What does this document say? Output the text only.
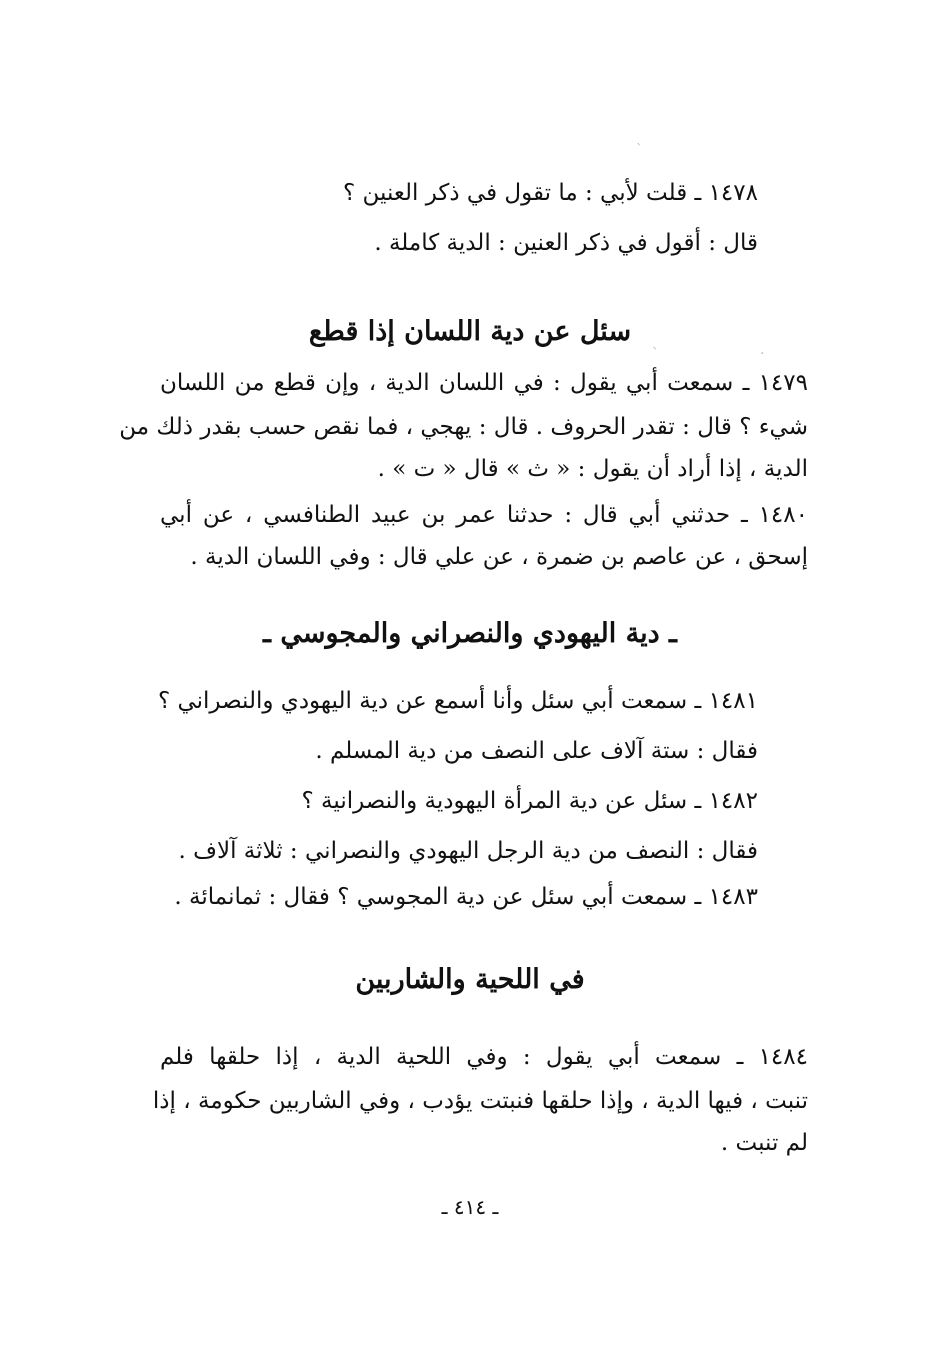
ˋ
ˋ	·
١٤٧٨ ـ قلت لأبي : ما تقول في ذكر العنين ؟
قال : أقول في ذكر العنين : الدية كاملة .
سئل عن دية اللسان إذا قطع
١٤٧٩ ـ سمعت أبي يقول : في اللسان الدية ، وإن قطع من اللسان
شيء ؟ قال : تقدر الحروف . قال : يهجي ، فما نقص حسب بقدر ذلك من
الدية ، إذا أراد أن يقول : « ث » قال « ت » .
١٤٨٠ ـ حدثني أبي قال : حدثنا عمر بن عبيد الطنافسي ، عن أبي
إسحق ، عن عاصم بن ضمرة ، عن علي قال : وفي اللسان الدية .
ـ دية اليهودي والنصراني والمجوسي ـ
١٤٨١ ـ سمعت أبي سئل وأنا أسمع عن دية اليهودي والنصراني ؟
فقال : ستة آلاف على النصف من دية المسلم .
١٤٨٢ ـ سئل عن دية المرأة اليهودية والنصرانية ؟
فقال : النصف من دية الرجل اليهودي والنصراني : ثلاثة آلاف .
١٤٨٣ ـ سمعت أبي سئل عن دية المجوسي ؟ فقال : ثمانمائة .
في اللحية والشاربين
١٤٨٤ ـ سمعت أبي يقول : وفي اللحية الدية ، إذا حلقها فلم
تنبت ، فيها الدية ، وإذا حلقها فنبتت يؤدب ، وفي الشاربين حكومة ، إذا
لم تنبت .
ـ ٤١٤ ـ
